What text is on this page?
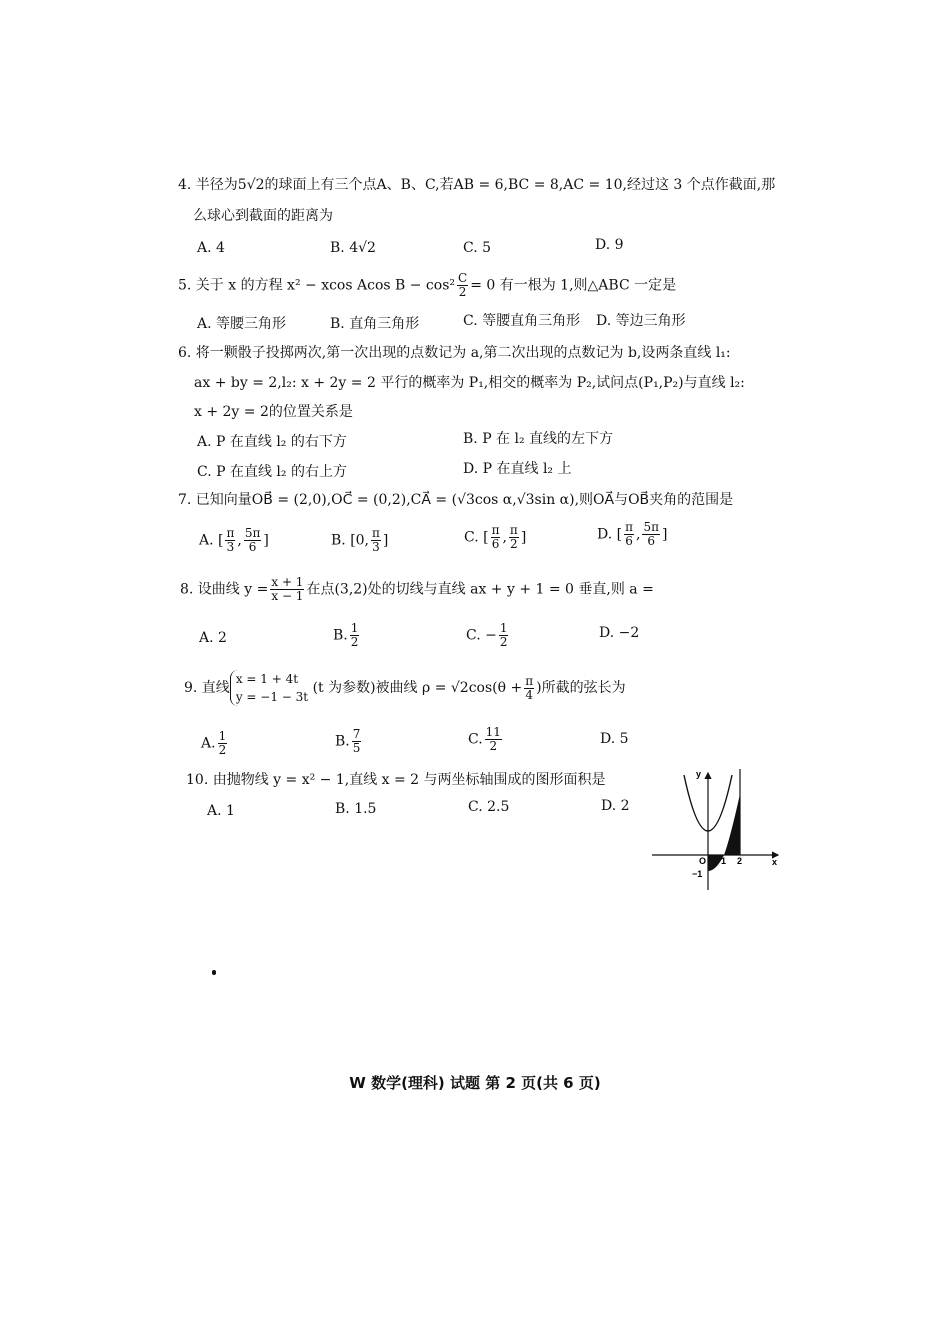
4. 半径为5√2的球面上有三个点A、B、C,若AB = 6,BC = 8,AC = 10,经过这 3 个点作截面,那
么球心到截面的距离为
A. 4	B. 4√2	C. 5	D. 9
5. 关于 x 的方程 x² − xcos Acos $B - \cos^2 \frac{C}{2} = 0$ 有一根为 1,则△ABC 一定是
A. 等腰三角形	B. 直角三角形	C. 等腰直角三角形 D. 等边三角形
6. 将一颗骰子投掷两次,第一次出现的点数记为 a,第二次出现的点数记为 b,设两条直线 l₁:
ax + by = 2,l₂: x + 2y = 2 平行的概率为 P₁,相交的概率为 P₂,试问点(P₁,P₂)与直线 l₂:
x + 2y = 2的位置关系是
A. P 在直线 l₂ 的右下方	B. P 在 l₂ 直线的左下方
C. P 在直线 l₂ 的右上方	D. P 在直线 l₂ 上
7. 已知向量OB⃗ = (2,0),OC⃗ = (0,2),CA⃗ = (√3cos α,√3sin α),则OA⃗与OB⃗夹角的范围是
A. [ $\frac{\pi}{3}$ , $\frac{5\pi}{6}$ ]	B. [0, $\frac{\pi}{3}$ ]	C. [ $\frac{\pi}{6}$ , $\frac{\pi}{2}$ ]	D. [ $\frac{\pi}{6}$ , $\frac{5\pi}{6}$ ]
8. 设曲线 $y = \frac{x + 1}{x - 1}$ 在点(3,2)处的切线与直线 ax + y + 1 = 0 垂直,则 a =
A. 2	B. $\frac{1}{2}$	C. − $\frac{1}{2}$	D. −2
9. 直线
x = 1 + 4t
y = −1 − 3t
(t 为参数)被曲线 $\rho = √2\cos(\theta + \frac{\pi}{4}$ )所截的弦长为
A. $\frac{1}{2}$	B. $\frac{7}{5}$	C. $\frac{11}{2}$	D. 5
10. 由抛物线 y = x² − 1,直线 x = 2 与两坐标轴围成的图形面积是
A. 1	B. 1.5	C. 2.5	D. 2
y
x
O 1 2
−1
W 数学(理科) 试题 第 2 页(共 6 页)
